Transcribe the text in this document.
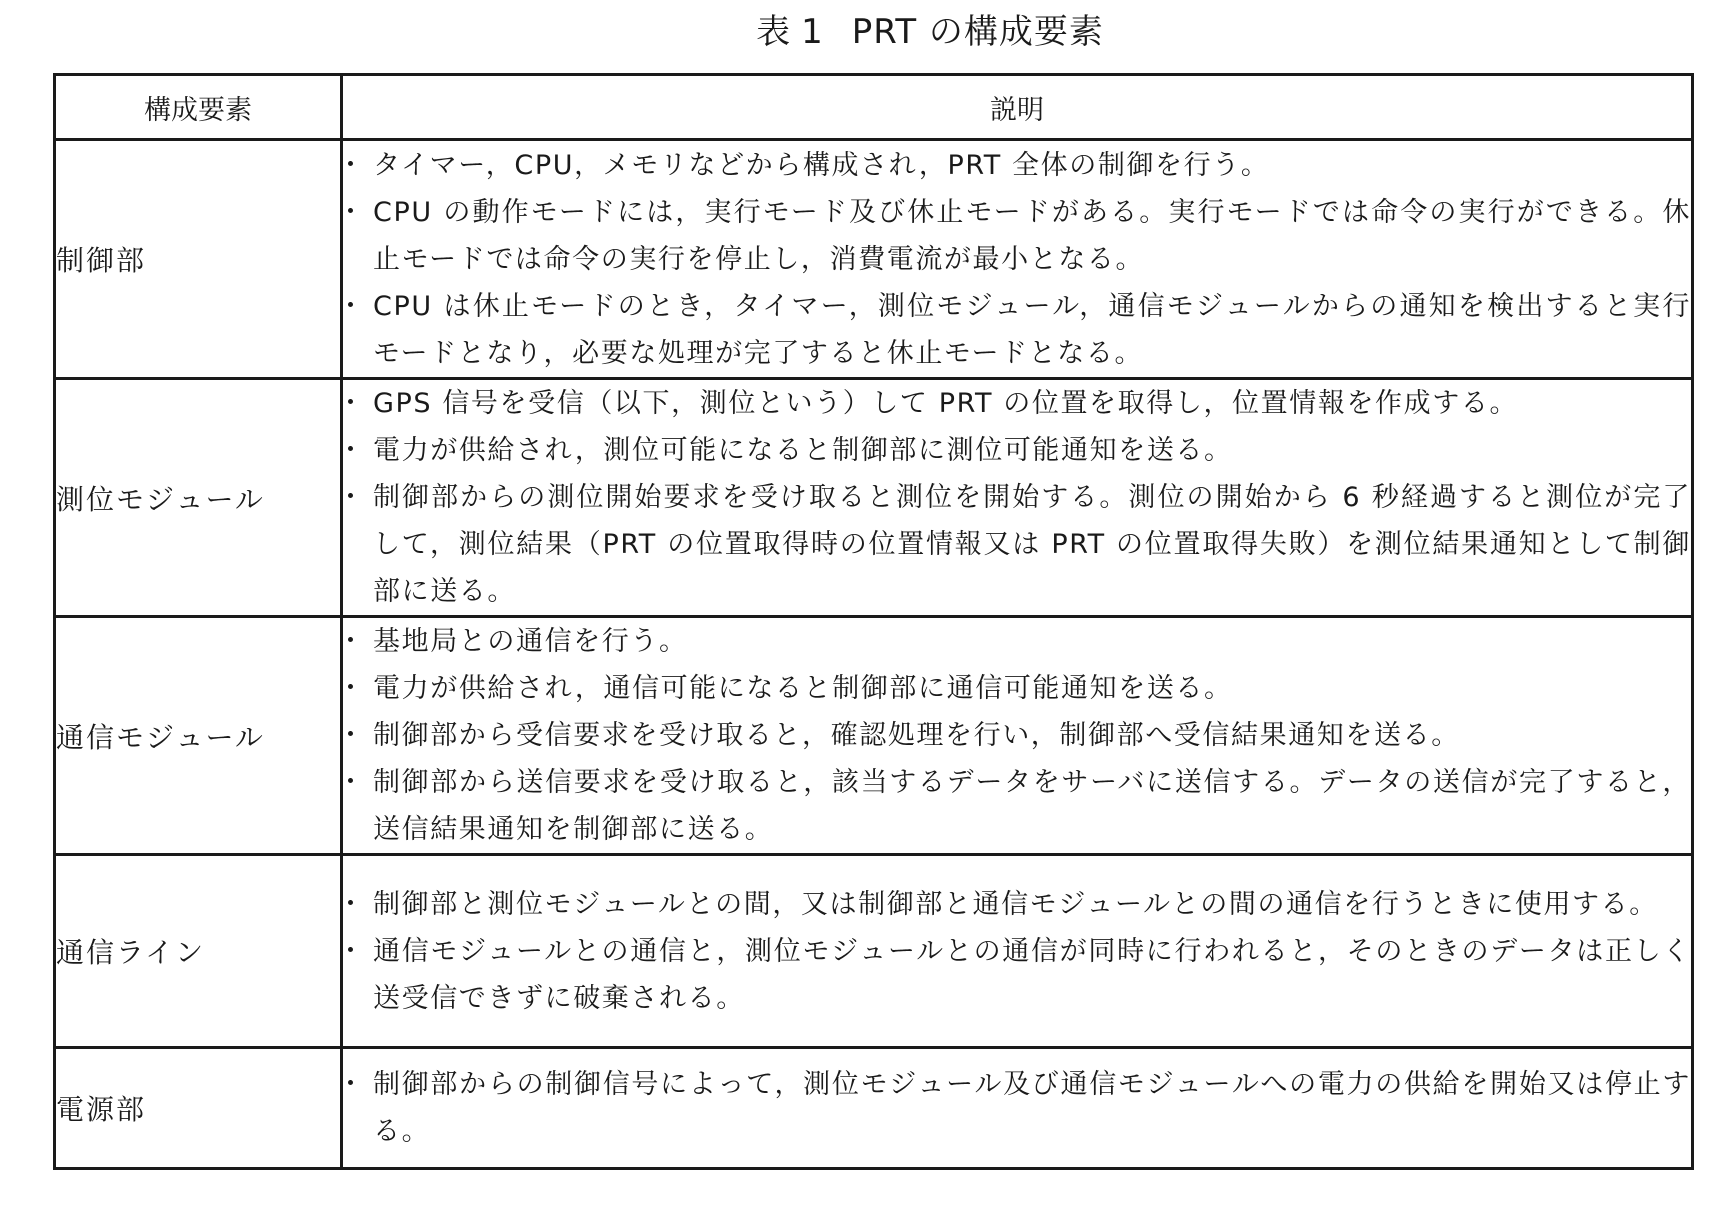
表 1 PRT の構成要素
構成要素	説明
制御部	
・ タイマー，CPU，メモリなどから構成され，PRT 全体の制御を行う。
・ CPU の動作モードには，実行モード及び休止モードがある。実行モードでは命令の実行ができる。休止モードでは命令の実行を停止し，消費電流が最小となる。
・ CPU は休止モードのとき，タイマー，測位モジュール，通信モジュールからの通知を検出すると実行モードとなり，必要な処理が完了すると休止モードとなる。

測位モジュール	
・ GPS 信号を受信（以下，測位という）して PRT の位置を取得し，位置情報を作成する。
・ 電力が供給され，測位可能になると制御部に測位可能通知を送る。
・ 制御部からの測位開始要求を受け取ると測位を開始する。測位の開始から 6 秒経過すると測位が完了して，測位結果（PRT の位置取得時の位置情報又は PRT の位置取得失敗）を測位結果通知として制御部に送る。

通信モジュール	
・ 基地局との通信を行う。
・ 電力が供給され，通信可能になると制御部に通信可能通知を送る。
・ 制御部から受信要求を受け取ると，確認処理を行い，制御部へ受信結果通知を送る。
・ 制御部から送信要求を受け取ると，該当するデータをサーバに送信する。データの送信が完了すると，送信結果通知を制御部に送る。

通信ライン	
・ 制御部と測位モジュールとの間，又は制御部と通信モジュールとの間の通信を行うときに使用する。
・ 通信モジュールとの通信と，測位モジュールとの通信が同時に行われると，そのときのデータは正しく送受信できずに破棄される。

電源部	
・ 制御部からの制御信号によって，測位モジュール及び通信モジュールへの電力の供給を開始又は停止する。
